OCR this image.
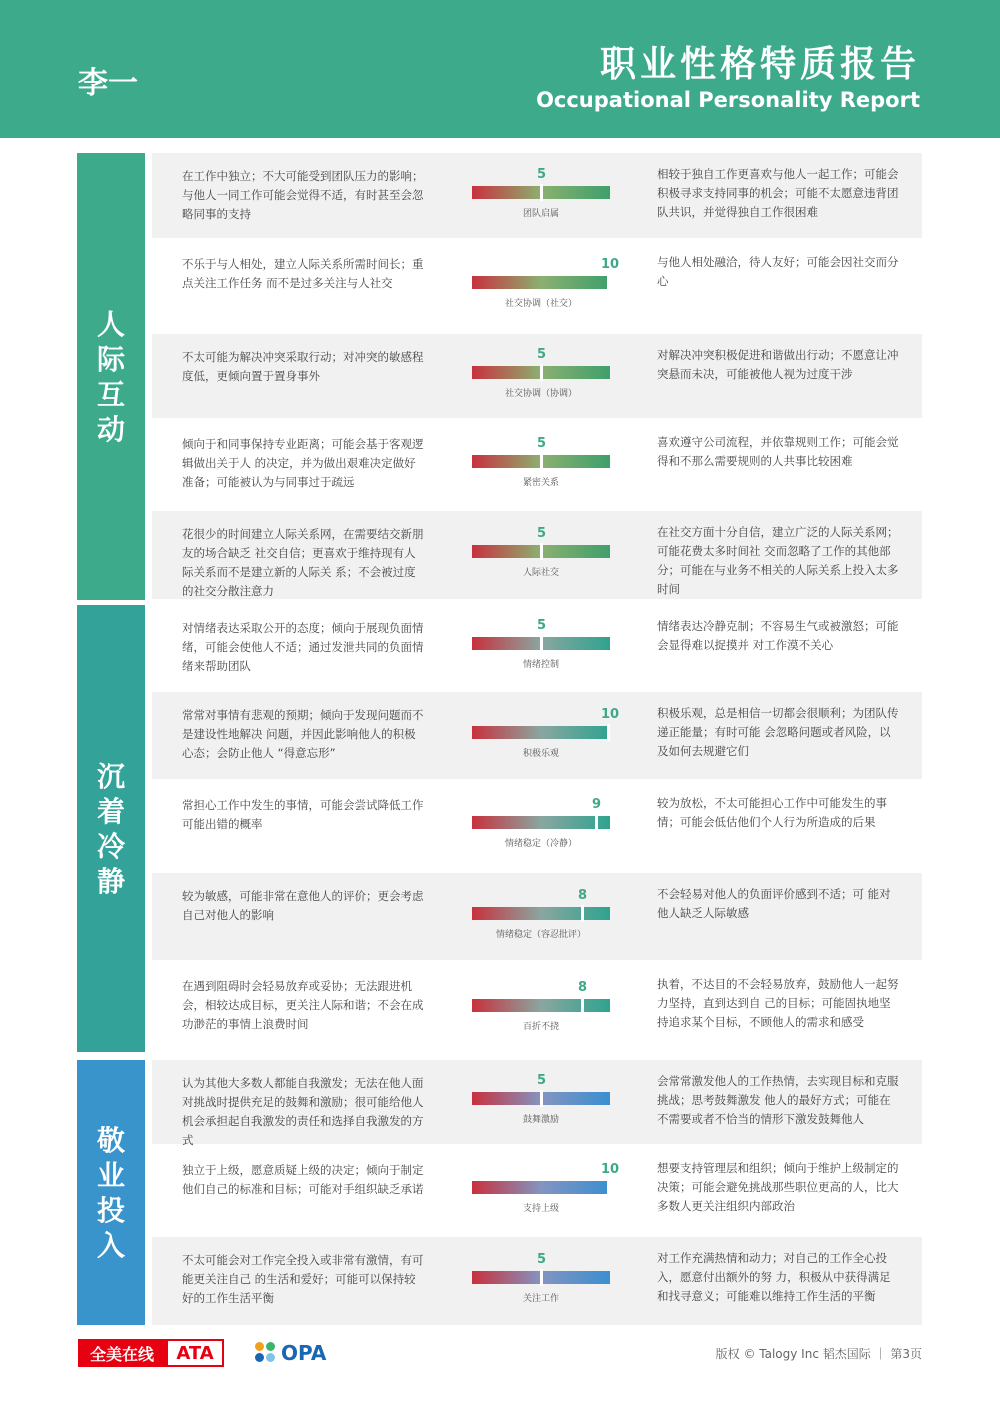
李一	职业性格特质报告
Occupational Personality Report
人
际
互
动
沉
着
冷
静
敬
业
投
入
在工作中独立；不大可能受到团队压力的影响；与他人一同工作可能会觉得不适，有时甚至会忽略同事的支持
相较于独自工作更喜欢与他人一起工作；可能会积极寻求支持同事的机会；可能不太愿意违背团队共识，并觉得独自工作很困难
5
团队启属
不乐于与人相处，建立人际关系所需时间长；重点关注工作任务 而不是过多关注与人社交
与他人相处融洽，待人友好；可能会因社交而分心
10
社交协调（社交）
不太可能为解决冲突采取行动；对冲突的敏感程度低，更倾向置于置身事外
对解决冲突积极促进和谐做出行动；不愿意让冲突悬而未决，可能被他人视为过度干涉
5
社交协调（协调）
倾向于和同事保持专业距离；可能会基于客观逻辑做出关于人 的决定，并为做出艰难决定做好准备；可能被认为与同事过于疏远
喜欢遵守公司流程，并依靠规则工作；可能会觉得和不那么需要规则的人共事比较困难
5
紧密关系
花很少的时间建立人际关系网，在需要结交新朋友的场合缺乏 社交自信；更喜欢于维持现有人际关系而不是建立新的人际关 系；不会被过度的社交分散注意力
在社交方面十分自信，建立广泛的人际关系网；可能花费太多时间社 交而忽略了工作的其他部分；可能在与业务不相关的人际关系上投入太多时间
5
人际社交
对情绪表达采取公开的态度；倾向于展现负面情绪，可能会使他人不适；通过发泄共同的负面情绪来帮助团队
情绪表达冷静克制；不容易生气或被激怒；可能会显得难以捉摸并 对工作漠不关心
5
情绪控制
常常对事情有悲观的预期；倾向于发现问题而不是建设性地解决 问题，并因此影响他人的积极心态；会防止他人 “得意忘形”
积极乐观，总是相信一切都会很顺利；为团队传递正能量；有时可能 会忽略问题或者风险，以及如何去规避它们
10
积极乐观
常担心工作中发生的事情，可能会尝试降低工作可能出错的概率
较为放松，不太可能担心工作中可能发生的事情；可能会低估他们个人行为所造成的后果
9
情绪稳定（冷静）
较为敏感，可能非常在意他人的评价；更会考虑自己对他人的影响
不会轻易对他人的负面评价感到不适；可 能对他人缺乏人际敏感
8
情绪稳定（容忍批评）
在遇到阻碍时会轻易放弃或妥协；无法跟进机会，相较达成目标，更关注人际和谐；不会在成功渺茫的事情上浪费时间
执着，不达目的不会轻易放弃，鼓励他人一起努力坚持，直到达到自 己的目标；可能固执地坚持追求某个目标，不顾他人的需求和感受
8
百折不挠
认为其他大多数人都能自我激发；无法在他人面对挑战时提供充足的鼓舞和激励；很可能给他人机会承担起自我激发的责任和选择自我激发的方式
会常常激发他人的工作热情，去实现目标和克服挑战；思考鼓舞激发 他人的最好方式；可能在不需要或者不恰当的情形下激发鼓舞他人
5
鼓舞激励
独立于上级，愿意质疑上级的决定；倾向于制定他们自己的标准和目标；可能对手组织缺乏承诺
想要支持管理层和组织；倾向于维护上级制定的决策；可能会避免挑战那些职位更高的人，比大多数人更关注组织内部政治
10
支持上级
不太可能会对工作完全投入或非常有激情，有可能更关注自己 的生活和爱好；可能可以保持较好的工作生活平衡
对工作充满热情和动力；对自己的工作全心投入，愿意付出额外的努 力，积极从中获得满足和找寻意义；可能难以维持工作生活的平衡
5
关注工作
全美在线	ATA	OPA	版权 © Talogy Inc 韬杰国际 ｜ 第3页
